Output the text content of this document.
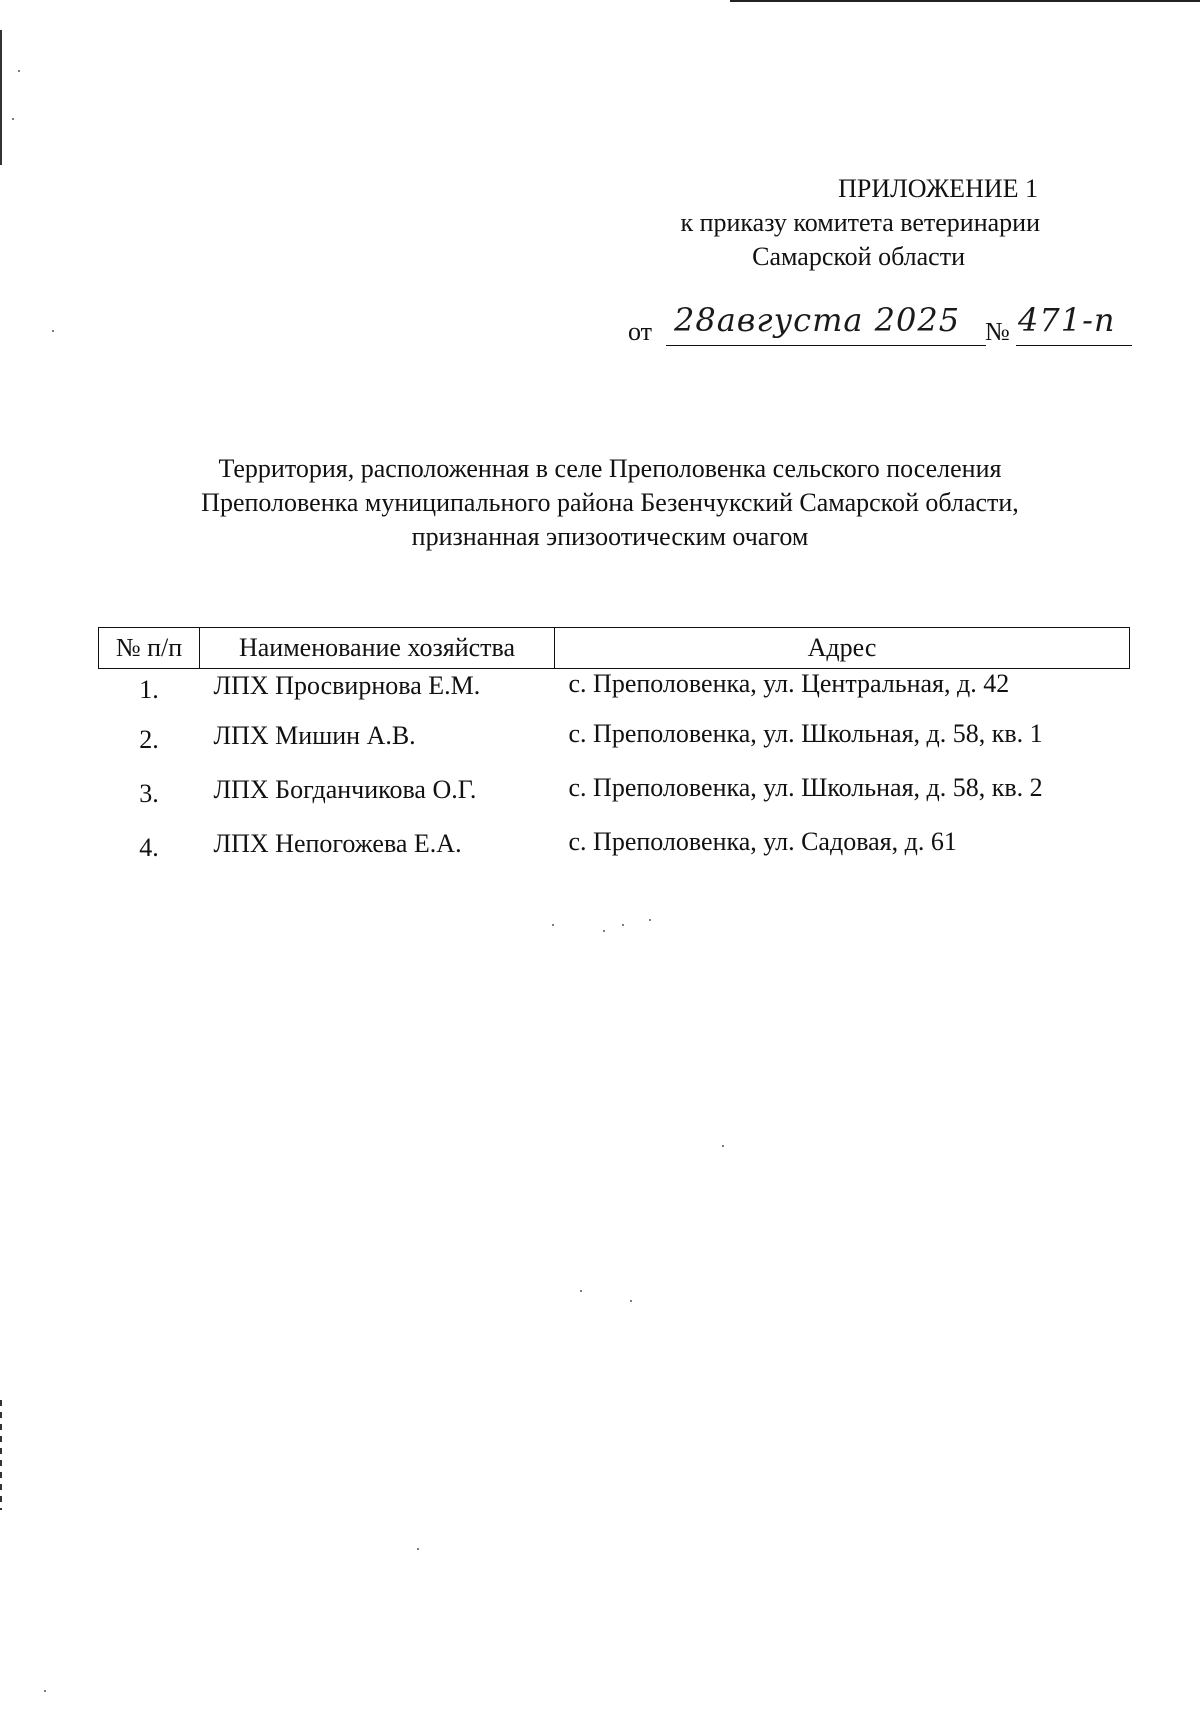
ПРИЛОЖЕНИЕ 1
к приказу комитета ветеринарии
Самарской области
от 28августа 2025 № 471-п
Территория, расположенная в селе Преполовенка сельского поселения
Преполовенка муниципального района Безенчукский Самарской области,
признанная эпизоотическим очагом
№ п/п	Наименование хозяйства	Адрес
1.	ЛПХ Просвирнова Е.М.	с. Преполовенка, ул. Центральная, д. 42
2.	ЛПХ Мишин А.В.	с. Преполовенка, ул. Школьная, д. 58, кв. 1
3.	ЛПХ Богданчикова О.Г.	с. Преполовенка, ул. Школьная, д. 58, кв. 2
4.	ЛПХ Непогожева Е.А.	с. Преполовенка, ул. Садовая, д. 61
